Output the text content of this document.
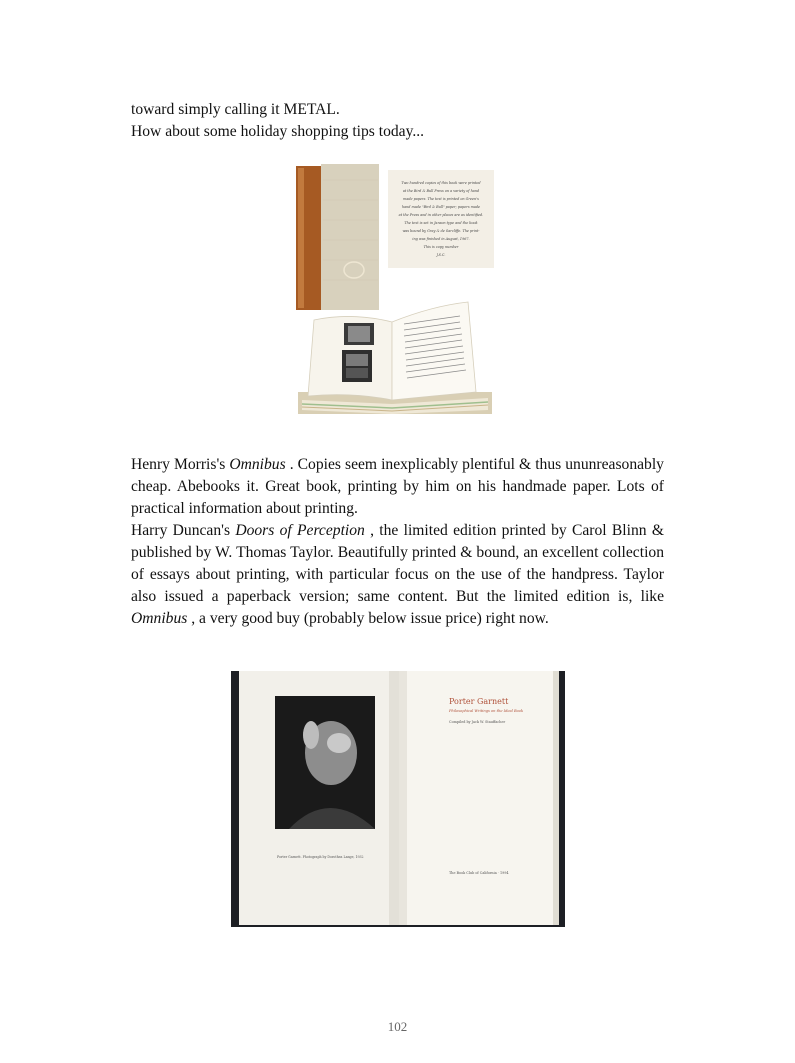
toward simply calling it METAL.

How about some holiday shopping tips today...

Two hundred copies of this book were printed
at the Bird & Bull Press on a variety of hand
made papers. The text is printed on Green's
hand made "Bird & Bull" paper; papers made
at the Press and in other places are as identified.
The text is set in Janson type and the book
was bound by Gray & de Sarcliffe. The print-
ing was finished in August, 1967.
This is copy number
J.S.C.

Henry Morris's Omnibus . Copies seem inexplicably plentiful & thus ununreasonably cheap. Abebooks it. Great book, printing by him on his handmade paper. Lots of practical information about printing.

Harry Duncan's Doors of Perception , the limited edition printed by Carol Blinn & published by W. Thomas Taylor. Beautifully printed & bound, an excellent collection of essays about printing, with particular focus on the use of the handpress. Taylor also issued a paperback version; same content. But the limited edition is, like Omnibus , a very good buy (probably below issue price) right now.

Porter Garnett. Photograph by Dorothea Lange, 1932
Porter Garnett
Philosophical Writings on the Ideal Book
Compiled by Jack W. Stauffacher
The Book Club of California · 1994
102
